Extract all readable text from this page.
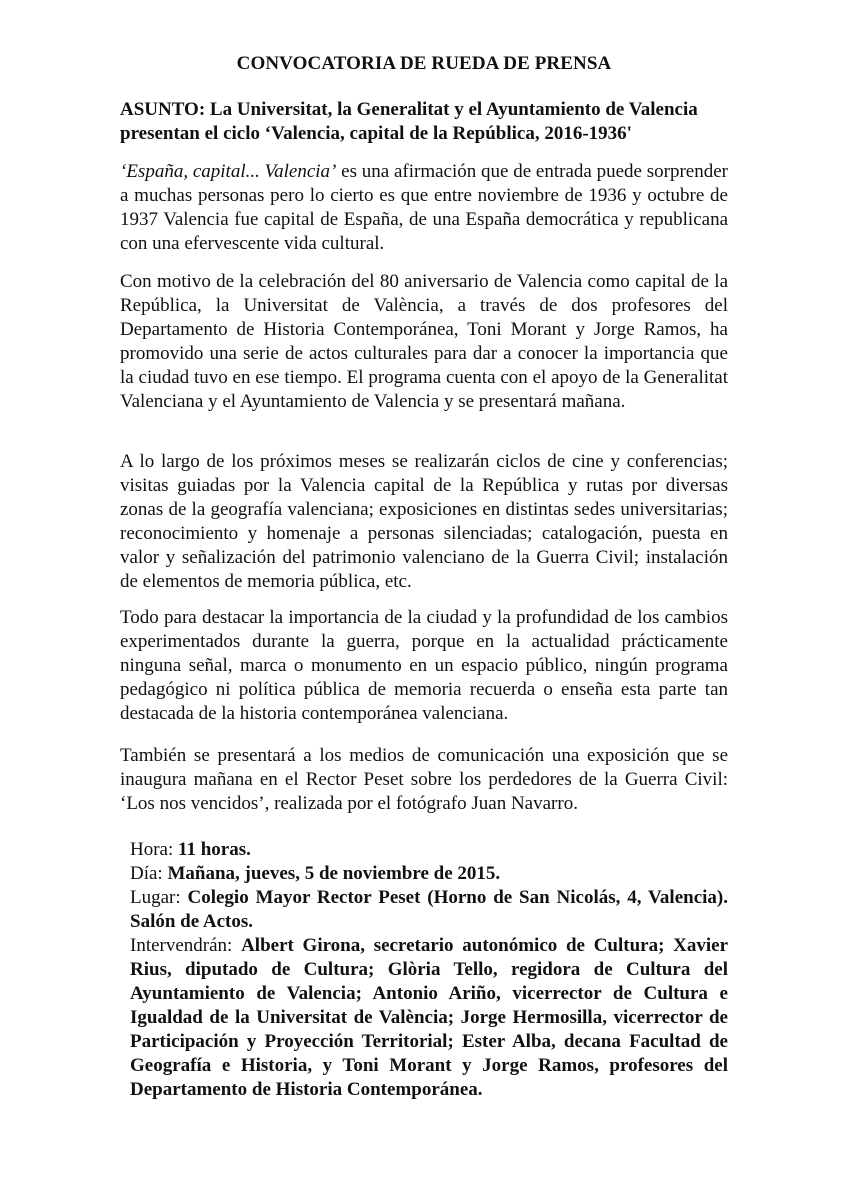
CONVOCATORIA DE RUEDA DE PRENSA
ASUNTO: La Universitat, la Generalitat y el Ayuntamiento de Valencia presentan el ciclo ‘Valencia, capital de la República, 2016-1936'
‘España, capital... Valencia’ es una afirmación que de entrada puede sorprender a muchas personas pero lo cierto es que entre noviembre de 1936 y octubre de 1937 Valencia fue capital de España, de una España democrática y republicana con una efervescente vida cultural.
Con motivo de la celebración del 80 aniversario de Valencia como capital de la República, la Universitat de València, a través de dos profesores del Departamento de Historia Contemporánea, Toni Morant y Jorge Ramos, ha promovido una serie de actos culturales para dar a conocer la importancia que la ciudad tuvo en ese tiempo. El programa cuenta con el apoyo de la Generalitat Valenciana y el Ayuntamiento de Valencia y se presentará mañana.
A lo largo de los próximos meses se realizarán ciclos de cine y conferencias; visitas guiadas por la Valencia capital de la República y rutas por diversas zonas de la geografía valenciana; exposiciones en distintas sedes universitarias; reconocimiento y homenaje a personas silenciadas; catalogación, puesta en valor y señalización del patrimonio valenciano de la Guerra Civil; instalación de elementos de memoria pública, etc.
Todo para destacar la importancia de la ciudad y la profundidad de los cambios experimentados durante la guerra, porque en la actualidad prácticamente ninguna señal, marca o monumento en un espacio público, ningún programa pedagógico ni política pública de memoria recuerda o enseña esta parte tan destacada de la historia contemporánea valenciana.
También se presentará a los medios de comunicación una exposición que se inaugura mañana en el Rector Peset sobre los perdedores de la Guerra Civil: ‘Los nos vencidos’, realizada por el fotógrafo Juan Navarro.
Hora: 11 horas.
Día: Mañana, jueves, 5 de noviembre de 2015.
Lugar: Colegio Mayor Rector Peset (Horno de San Nicolás, 4, Valencia). Salón de Actos.
Intervendrán: Albert Girona, secretario autonómico de Cultura; Xavier Rius, diputado de Cultura; Glòria Tello, regidora de Cultura del Ayuntamiento de Valencia; Antonio Ariño, vicerrector de Cultura e Igualdad de la Universitat de València; Jorge Hermosilla, vicerrector de Participación y Proyección Territorial; Ester Alba, decana Facultad de Geografía e Historia, y Toni Morant y Jorge Ramos, profesores del Departamento de Historia Contemporánea.
